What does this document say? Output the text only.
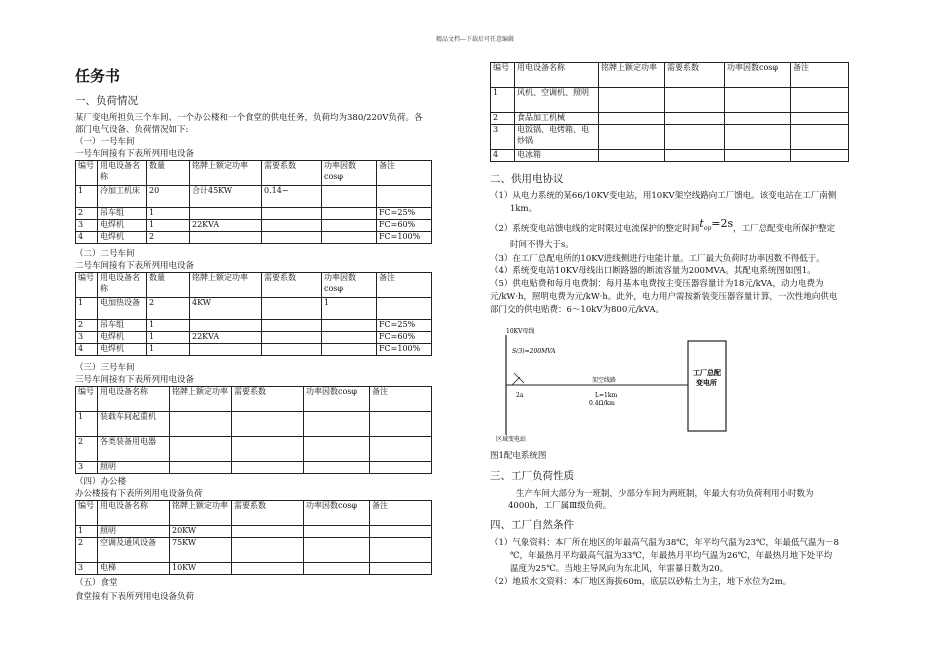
精品文档---下载后可任意编辑
任务书
一、负荷情况
某厂变电所担负三个车间、一个办公楼和一个食堂的供电任务，负荷均为380/220V负荷。各
部门电气设备、负荷情况如下:
（一）一号车间
一号车间接有下表所列用电设备
编号	用电设备名称	数量	铭牌上额定功率	需要系数	功率因数cosφ	备注
1	冷加工机床	20	合计45KW	0.14~		
2	吊车组	1				FC=25%
3	电焊机	1	22KVA			FC=60%
4	电焊机	2				FC=100%
（二）二号车间
二号车间接有下表所列用电设备
编号	用电设备名称	数量	铭牌上额定功率	需要系数	功率因数cosφ	备注
1	电加热设备	2	4KW		1	
2	吊车组	1				FC=25%
3	电焊机	1	22KVA			FC=60%
4	电焊机	1				FC=100%
（三）三号车间
三号车间接有下表所列用电设备
编号	用电设备名称	铭牌上额定功率	需要系数	功率因数cosφ	备注
1	装载车间起重机				
2	各类装备用电器				
3	照明				
（四）办公楼
办公楼接有下表所列用电设备负荷
编号	用电设备名称	铭牌上额定功率	需要系数	功率因数cosφ	备注
1	照明	20KW			
2	空调及通风设备	75KW			
3	电梯	10KW			
（五）食堂
食堂接有下表所列用电设备负荷
编号	用电设备名称	铭牌上额定功率	需要系数	功率因数cosφ	备注
1	风机、空调机、照明				
2	食品加工机械				
3	电饭锅、电烤箱、电炒锅				
4	电冰箱				
二、供用电协议
（1）从电力系统的某66/10KV变电站，用10KV架空线路向工厂馈电。该变电站在工厂南侧
1km。
（2）系统变电站馈电线的定时限过电流保护的整定时间$t_{op}=2s$，工厂总配变电所保护整定
时间不得大于s。
（3）在工厂总配电所的10KV进线侧进行电能计量。工厂最大负荷时功率因数不得低于。
（4）系统变电站10KV母线出口断路器的断流容量为200MVA。其配电系统图如图1。
（5）供电贴费和每月电费制：每月基本电费按主变压器容量计为18元/kVA，动力电费为
元/kW·h，照明电费为元/kW·h。此外，电力用户需按新装变压器容量计算，一次性地向供电
部门交的供电贴费：6～10kV为800元/kVA。
10KV母线
S(3)=200MVA
2a
架空线路
L=1km
0.4Ω/km
区域变电站
工厂总配
变电所
图1配电系统图
三、工厂负荷性质
生产车间大部分为一班制，少部分车间为两班制，年最大有功负荷利用小时数为
4000h，工厂属Ⅲ级负荷。
四、工厂自然条件
（1）气象资料：本厂所在地区的年最高气温为38℃，年平均气温为23℃，年最低气温为－8
℃，年最热月平均最高气温为33℃，年最热月平均气温为26℃，年最热月地下处平均
温度为25℃。当地主导风向为东北风，年雷暴日数为20。
（2）地质水文资料：本厂地区海拔60m，底层以砂粘土为主，地下水位为2m。
